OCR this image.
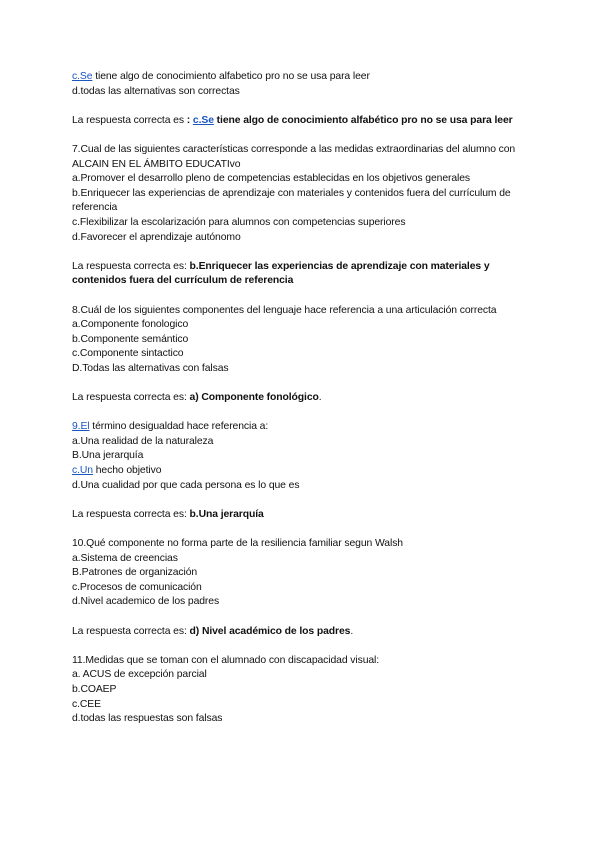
c.Se tiene algo de conocimiento alfabetico pro no se usa para leer
d.todas las alternativas son correctas
La respuesta correcta es : c.Se tiene algo de conocimiento alfabético pro no se usa para leer
7.Cual de las siguientes características corresponde a las medidas extraordinarias del alumno con ALCAIN EN EL ÁMBITO EDUCATIvo
a.Promover el desarrollo pleno de competencias establecidas en los objetivos generales
b.Enriquecer las experiencias de aprendizaje con materiales y contenidos fuera del currículum de referencia
c.Flexibilizar la escolarización para alumnos con competencias superiores
d.Favorecer el aprendizaje autónomo
La respuesta correcta es: b.Enriquecer las experiencias de aprendizaje con materiales y contenidos fuera del currículum de referencia
8.Cuál de los siguientes componentes del lenguaje hace referencia a una articulación correcta
a.Componente fonologico
b.Componente semántico
c.Componente sintactico
D.Todas las alternativas con falsas
La respuesta correcta es: a) Componente fonológico.
9.El término desigualdad hace referencia a:
a.Una realidad de la naturaleza
B.Una jerarquía
c.Un hecho objetivo
d.Una cualidad por que cada persona es lo que es
La respuesta correcta es: b.Una jerarquía
10.Qué componente no forma parte de la resiliencia familiar segun Walsh
a.Sistema de creencias
B.Patrones de organización
c.Procesos de comunicación
d.Nivel academico de los padres
La respuesta correcta es: d) Nivel académico de los padres.
11.Medidas que se toman con el alumnado con discapacidad visual:
a. ACUS de excepción parcial
b.COAEP
c.CEE
d.todas las respuestas son falsas
